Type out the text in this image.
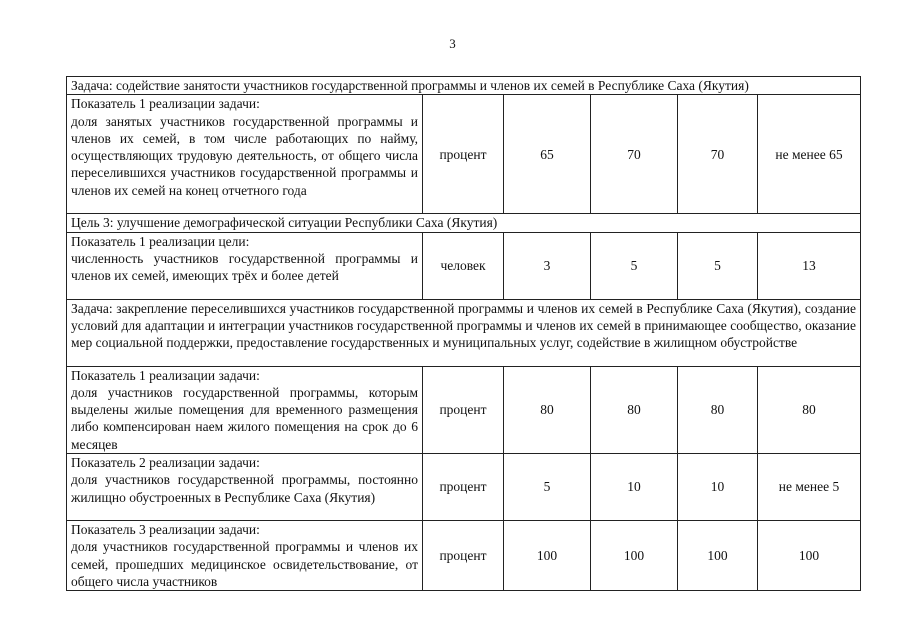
3
Задача: содействие занятости участников государственной программы и членов их семей в Республике Саха (Якутия)					

Показатель 1 реализации задачи:
доля занятых участников государственной программы и членов их семей, в том числе работающих по найму, осуществляющих трудовую деятельность, от общего числа переселившихся участников государственной программы и членов их семей на конец отчетного года	процент	65	70	70	не менее 65
Цель 3: улучшение демографической ситуации Республики Саха (Якутия)					

Показатель 1 реализации цели:
численность участников государственной программы и членов их семей, имеющих трёх и более детей	человек	3	5	5	13
Задача: закрепление переселившихся участников государственной программы и членов их семей в Республике Саха (Якутия), создание условий для адаптации и интеграции участников государственной программы и членов их семей в принимающее сообщество, оказание мер социальной поддержки, предоставление государственных и муниципальных услуг, содействие в жилищном обустройстве					

Показатель 1 реализации задачи:
доля участников государственной программы, которым выделены жилые помещения для временного размещения либо компенсирован наем жилого помещения на срок до 6 месяцев	процент	80	80	80	80

Показатель 2 реализации задачи:
доля участников государственной программы, постоянно жилищно обустроенных в Республике Саха (Якутия)	процент	5	10	10	не менее 5

Показатель 3 реализации задачи:
доля участников государственной программы и членов их семей, прошедших медицинское освидетельствование, от общего числа участников	процент	100	100	100	100
